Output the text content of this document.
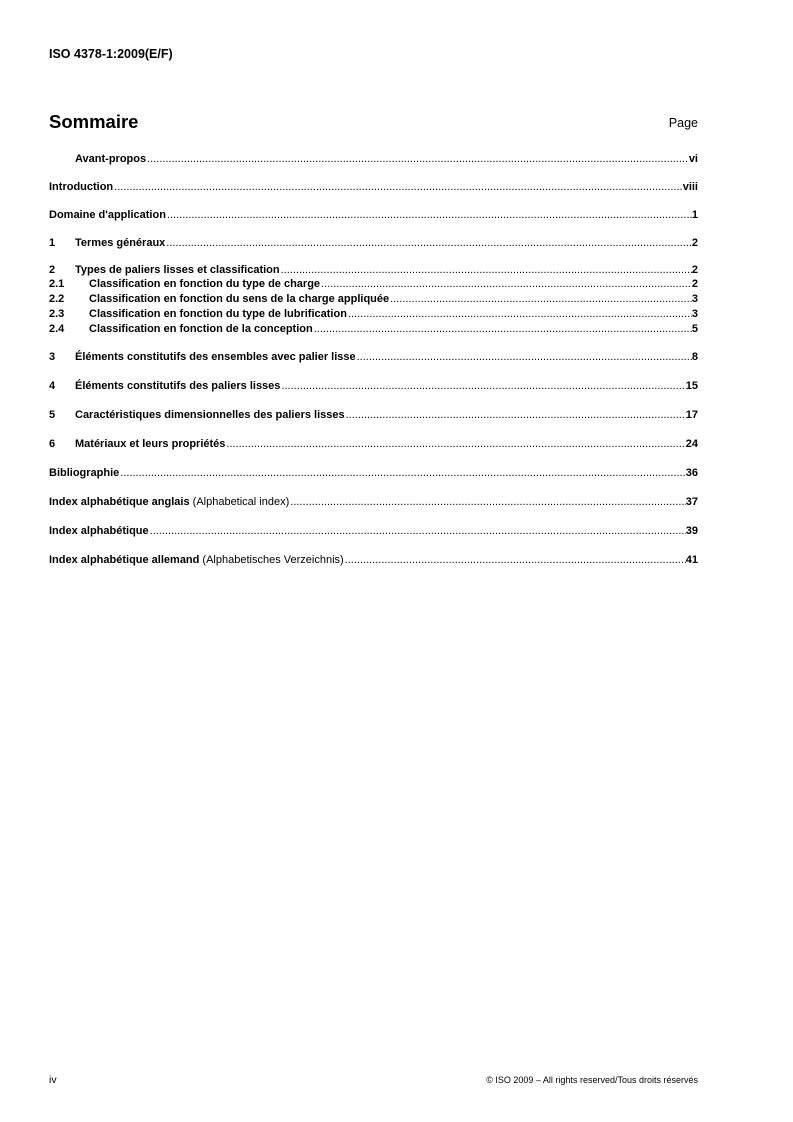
ISO 4378-1:2009(E/F)
Sommaire	Page
Avant-propos .....	vi
Introduction .....	viii
Domaine d'application .....	1
1	Termes généraux .....	2
2	Types de paliers lisses et classification .....	2
2.1	Classification en fonction du type de charge .....	2
2.2	Classification en fonction du sens de la charge appliquée .....	3
2.3	Classification en fonction du type de lubrification .....	3
2.4	Classification en fonction de la conception .....	5
3	Éléments constitutifs des ensembles avec palier lisse .....	8
4	Éléments constitutifs des paliers lisses .....	15
5	Caractéristiques dimensionnelles des paliers lisses .....	17
6	Matériaux et leurs propriétés .....	24
Bibliographie .....	36
Index alphabétique anglais (Alphabetical index) .....	37
Index alphabétique .....	39
Index alphabétique allemand (Alphabetisches Verzeichnis) .....	41
iv	© ISO 2009 – All rights reserved/Tous droits réservés
